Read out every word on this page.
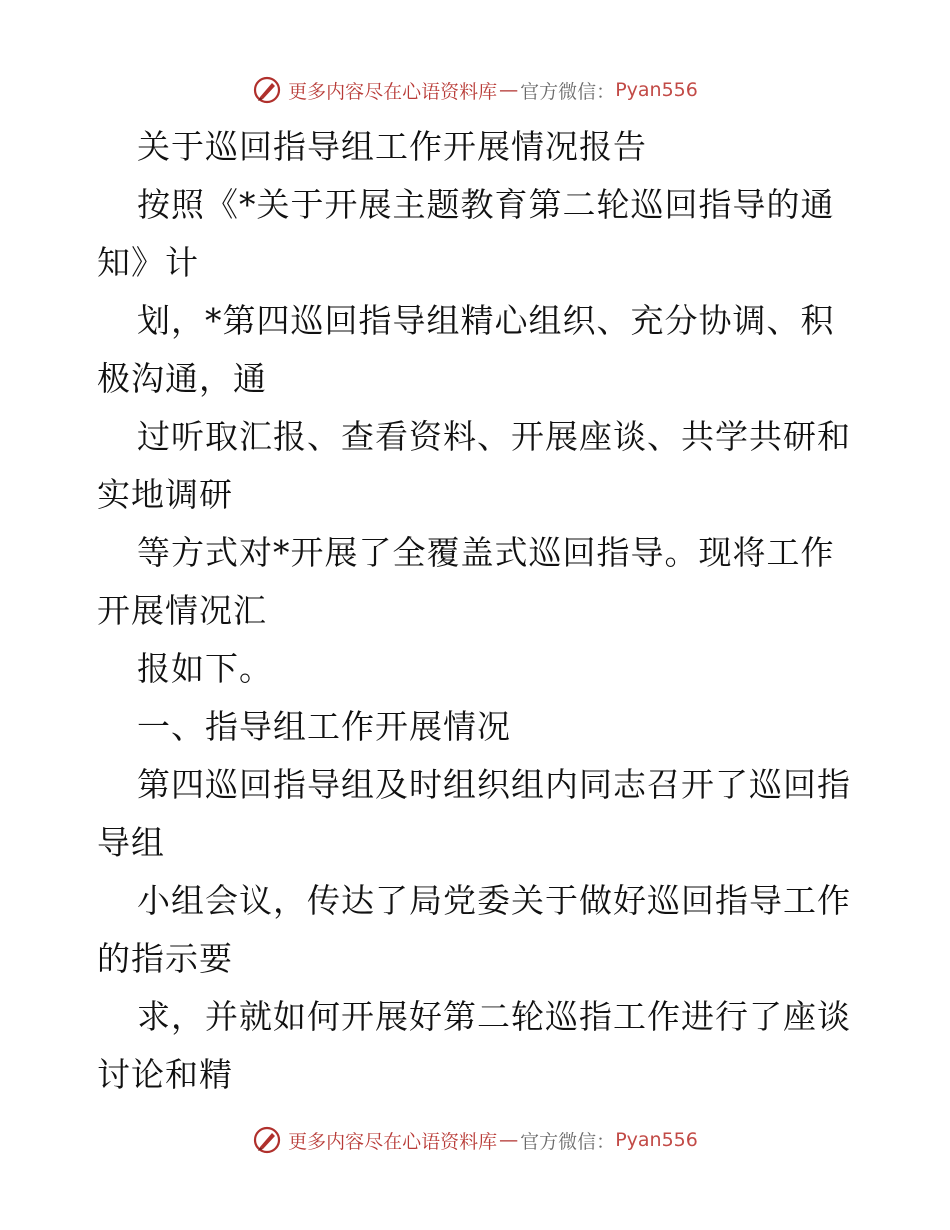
更多内容尽在心语资料库 — 官方微信： Pyan556
关于巡回指导组工作开展情况报告
按照《*关于开展主题教育第二轮巡回指导的通
知》计
划，*第四巡回指导组精心组织、充分协调、积
极沟通，通
过听取汇报、查看资料、开展座谈、共学共研和
实地调研
等方式对*开展了全覆盖式巡回指导。现将工作
开展情况汇
报如下。
一、指导组工作开展情况
第四巡回指导组及时组织组内同志召开了巡回指
导组
小组会议，传达了局党委关于做好巡回指导工作
的指示要
求，并就如何开展好第二轮巡指工作进行了座谈
讨论和精
更多内容尽在心语资料库 — 官方微信： Pyan556
